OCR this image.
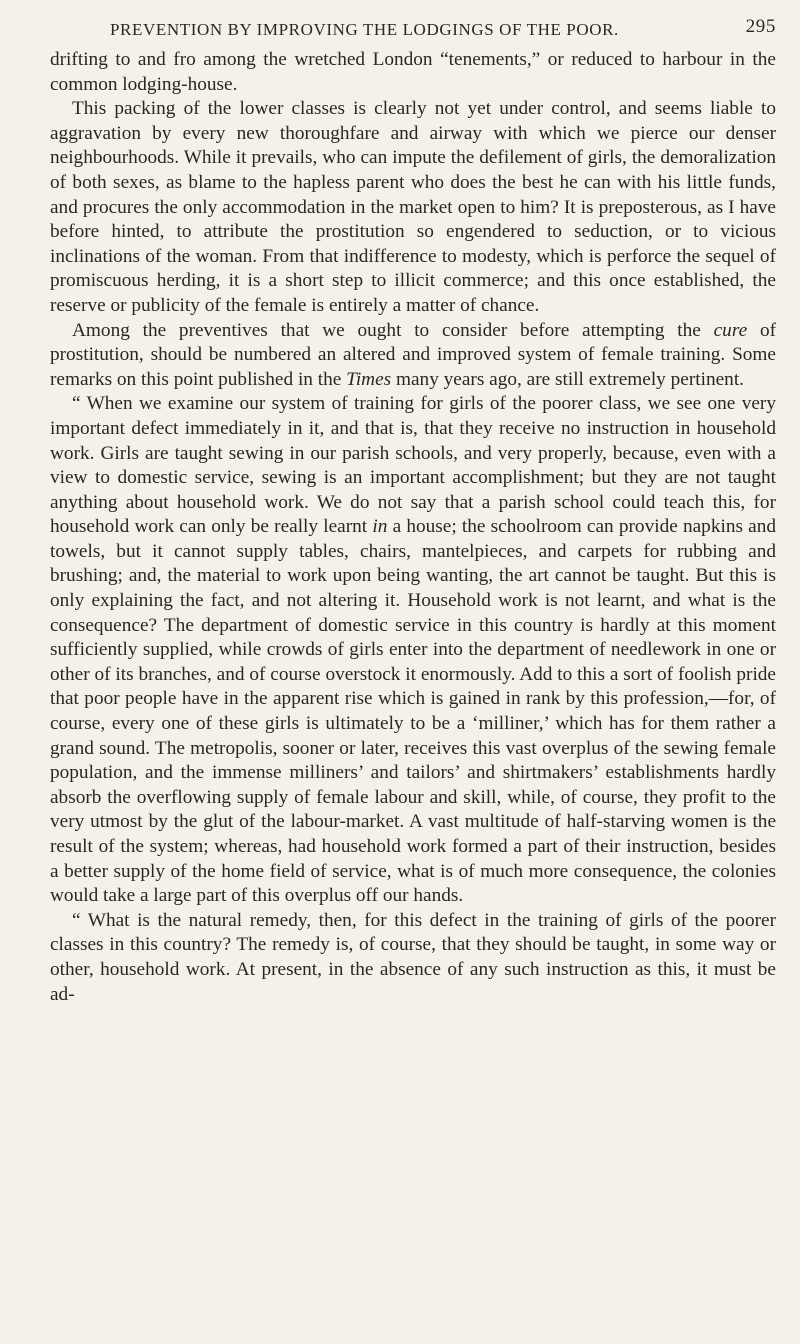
PREVENTION BY IMPROVING THE LODGINGS OF THE POOR.	295

drifting to and fro among the wretched London “tenements,” or reduced to harbour in the common lodging-house.

This packing of the lower classes is clearly not yet under control, and seems liable to aggravation by every new thoroughfare and airway with which we pierce our denser neighbourhoods. While it prevails, who can impute the defilement of girls, the demoralization of both sexes, as blame to the hapless parent who does the best he can with his little funds, and procures the only accommodation in the market open to him? It is preposterous, as I have before hinted, to attribute the prostitution so engendered to seduction, or to vicious inclinations of the woman. From that indifference to modesty, which is perforce the sequel of promiscuous herding, it is a short step to illicit commerce; and this once established, the reserve or publicity of the female is entirely a matter of chance.

Among the preventives that we ought to consider before attempting the cure of prostitution, should be numbered an altered and improved system of female training. Some remarks on this point published in the Times many years ago, are still extremely pertinent.

“ When we examine our system of training for girls of the poorer class, we see one very important defect immediately in it, and that is, that they receive no instruction in household work. Girls are taught sewing in our parish schools, and very properly, because, even with a view to domestic service, sewing is an important accomplishment; but they are not taught anything about household work. We do not say that a parish school could teach this, for household work can only be really learnt in a house; the schoolroom can provide napkins and towels, but it cannot supply tables, chairs, mantelpieces, and carpets for rubbing and brushing; and, the material to work upon being wanting, the art cannot be taught. But this is only explaining the fact, and not altering it. Household work is not learnt, and what is the consequence? The department of domestic service in this country is hardly at this moment sufficiently supplied, while crowds of girls enter into the department of needlework in one or other of its branches, and of course overstock it enormously. Add to this a sort of foolish pride that poor people have in the apparent rise which is gained in rank by this profession,—for, of course, every one of these girls is ultimately to be a ‘milliner,’ which has for them rather a grand sound. The metropolis, sooner or later, receives this vast overplus of the sewing female population, and the immense milliners’ and tailors’ and shirtmakers’ establishments hardly absorb the overflowing supply of female labour and skill, while, of course, they profit to the very utmost by the glut of the labour-market. A vast multitude of half-starving women is the result of the system; whereas, had household work formed a part of their instruction, besides a better supply of the home field of service, what is of much more consequence, the colonies would take a large part of this overplus off our hands.

“ What is the natural remedy, then, for this defect in the training of girls of the poorer classes in this country? The remedy is, of course, that they should be taught, in some way or other, household work. At present, in the absence of any such instruction as this, it must be ad-
